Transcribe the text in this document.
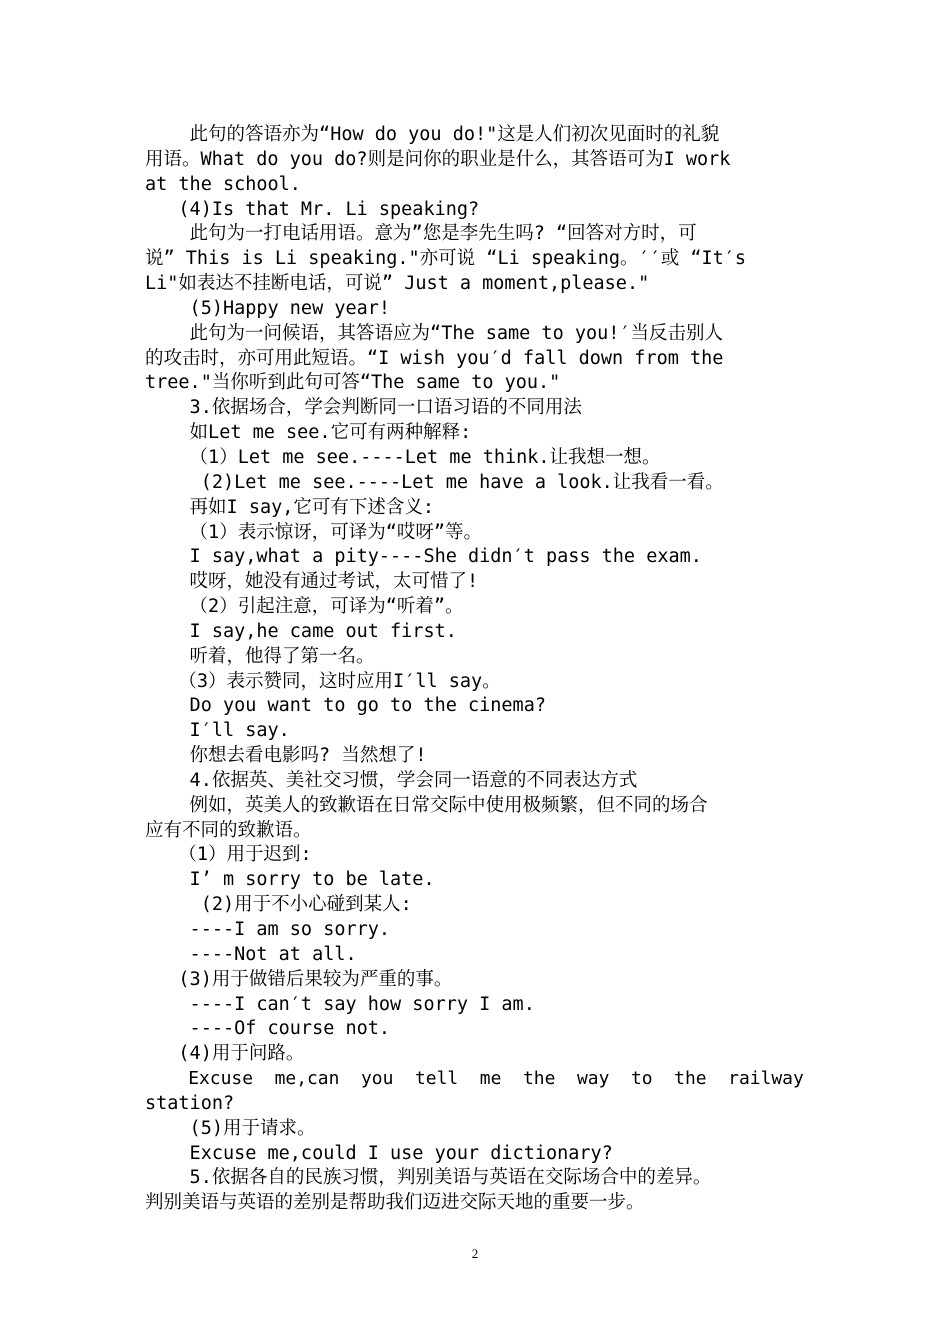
此句的答语亦为“How do you do!"这是人们初次见面时的礼貌
用语。What do you do?则是问你的职业是什么，其答语可为I work
at the school.
(4)Is that Mr. Li speaking?
此句为一打电话用语。意为”您是李先生吗? “回答对方时，可
说” This is Li speaking."亦可说 “Li speaking。′′或 “It′s
Li"如表达不挂断电话，可说” Just a moment,please."
(5)Happy new year!
此句为一问候语，其答语应为“The same to you!′当反击别人
的攻击时，亦可用此短语。“I wish you′d fall down from the
tree."当你听到此句可答“The same to you."
3.依据场合，学会判断同一口语习语的不同用法
如Let me see.它可有两种解释:
（1）Let me see.----Let me think.让我想一想。
(2)Let me see.----Let me have a look.让我看一看。
再如I say,它可有下述含义:
（1）表示惊讶，可译为“哎呀”等。
I say,what a pity----She didn′t pass the exam.
哎呀，她没有通过考试，太可惜了!
（2）引起注意，可译为“听着”。
I say,he came out first.
听着，他得了第一名。
（3）表示赞同，这时应用I′ll say。
Do you want to go to the cinema?
I′ll say.
你想去看电影吗? 当然想了!
4.依据英、美社交习惯，学会同一语意的不同表达方式
例如，英美人的致歉语在日常交际中使用极频繁，但不同的场合
应有不同的致歉语。
（1）用于迟到:
I’ m sorry to be late.
(2)用于不小心碰到某人:
----I am so sorry.
----Not at all.
(3)用于做错后果较为严重的事。
----I can′t say how sorry I am.
----Of course not.
(4)用于问路。
Excuse  me,can  you  tell  me  the  way  to  the  railway
station?
(5)用于请求。
Excuse me,could I use your dictionary?
5.依据各自的民族习惯，判别美语与英语在交际场合中的差异。
判别美语与英语的差别是帮助我们迈进交际天地的重要一步。
2
